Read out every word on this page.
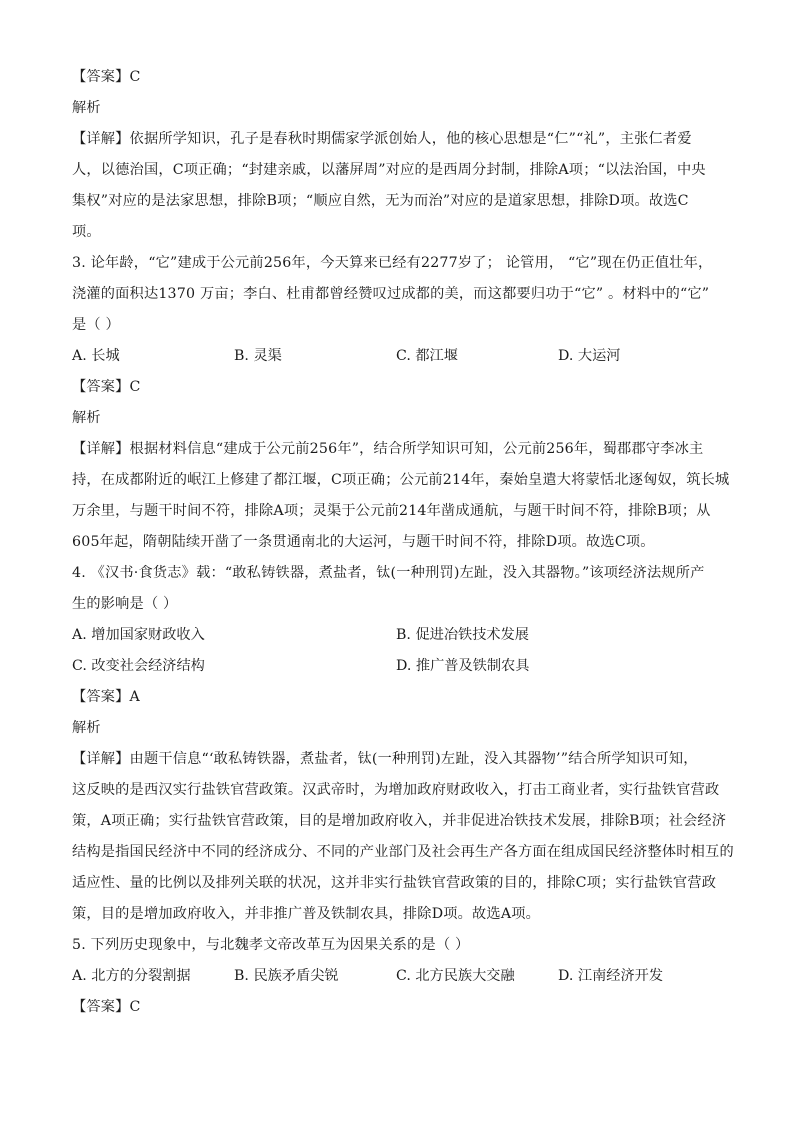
【答案】C
解析
【详解】依据所学知识，孔子是春秋时期儒家学派创始人，他的核心思想是“仁”“礼”，主张仁者爱
人，以德治国，C项正确；“封建亲戚，以藩屏周”对应的是西周分封制，排除A项；“以法治国，中央
集权”对应的是法家思想，排除B项；“顺应自然，无为而治”对应的是道家思想，排除D项。故选C
项。
3. 论年龄，“它”建成于公元前256年，今天算来已经有2277岁了； 论管用， “它”现在仍正值壮年，
浇灌的面积达1370 万亩；李白、杜甫都曾经赞叹过成都的美，而这都要归功于“它” 。材料中的“它”
是（ ）
A. 长城	B. 灵渠	C. 都江堰	D. 大运河
【答案】C
解析
【详解】根据材料信息“建成于公元前256年”，结合所学知识可知，公元前256年，蜀郡郡守李冰主
持，在成都附近的岷江上修建了都江堰，C项正确；公元前214年，秦始皇遣大将蒙恬北逐匈奴，筑长城
万余里，与题干时间不符，排除A项；灵渠于公元前214年凿成通航，与题干时间不符，排除B项；从
605年起，隋朝陆续开凿了一条贯通南北的大运河，与题干时间不符，排除D项。故选C项。
4. 《汉书·食货志》载：“敢私铸铁器，煮盐者，钛(一种刑罚)左趾，没入其器物。”该项经济法规所产
生的影响是（ ）
A. 增加国家财政收入	B. 促进冶铁技术发展
C. 改变社会经济结构	D. 推广普及铁制农具
【答案】A
解析
【详解】由题干信息“‘敢私铸铁器，煮盐者，钛(一种刑罚)左趾，没入其器物’”结合所学知识可知，
这反映的是西汉实行盐铁官营政策。汉武帝时，为增加政府财政收入，打击工商业者，实行盐铁官营政
策，A项正确；实行盐铁官营政策，目的是增加政府收入，并非促进冶铁技术发展，排除B项；社会经济
结构是指国民经济中不同的经济成分、不同的产业部门及社会再生产各方面在组成国民经济整体时相互的
适应性、量的比例以及排列关联的状况，这并非实行盐铁官营政策的目的，排除C项；实行盐铁官营政
策，目的是增加政府收入，并非推广普及铁制农具，排除D项。故选A项。
5. 下列历史现象中，与北魏孝文帝改革互为因果关系的是（ ）
A. 北方的分裂割据	B. 民族矛盾尖锐	C. 北方民族大交融	D. 江南经济开发
【答案】C
